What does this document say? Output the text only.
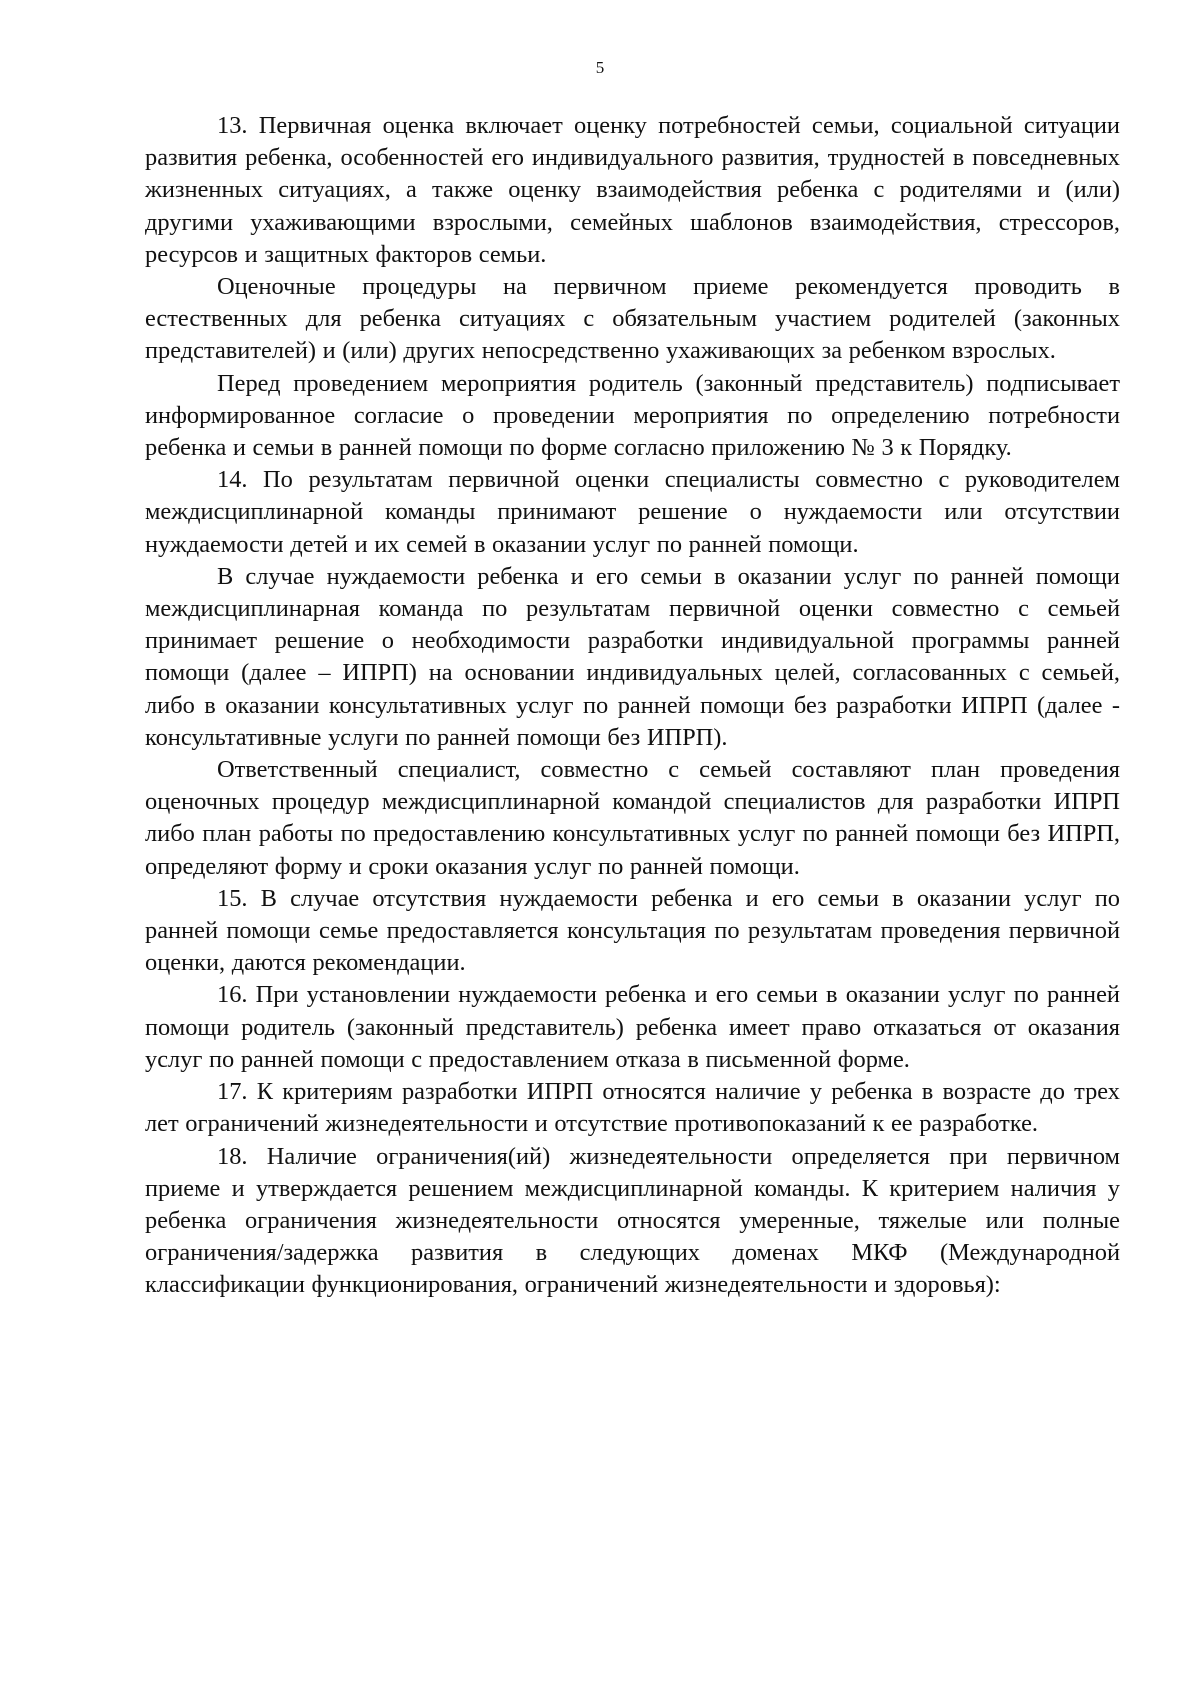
5

13. Первичная оценка включает оценку потребностей семьи, социальной ситуации развития ребенка, особенностей его индивидуального развития, трудностей в повседневных жизненных ситуациях, а также оценку взаимодействия ребенка с родителями и (или) другими ухаживающими взрослыми, семейных шаблонов взаимодействия, стрессоров, ресурсов и защитных факторов семьи.

Оценочные процедуры на первичном приеме рекомендуется проводить в естественных для ребенка ситуациях с обязательным участием родителей (законных представителей) и (или) других непосредственно ухаживающих за ребенком взрослых.

Перед проведением мероприятия родитель (законный представитель) подписывает информированное согласие о проведении мероприятия по определению потребности ребенка и семьи в ранней помощи по форме согласно приложению № 3 к Порядку.

14. По результатам первичной оценки специалисты совместно с руководителем междисциплинарной команды принимают решение о нуждаемости или отсутствии нуждаемости детей и их семей в оказании услуг по ранней помощи.

В случае нуждаемости ребенка и его семьи в оказании услуг по ранней помощи междисциплинарная команда по результатам первичной оценки совместно с семьей принимает решение о необходимости разработки индивидуальной программы ранней помощи (далее – ИПРП) на основании индивидуальных целей, согласованных с семьей, либо в оказании консультативных услуг по ранней помощи без разработки ИПРП (далее - консультативные услуги по ранней помощи без ИПРП).

Ответственный специалист, совместно с семьей составляют план проведения оценочных процедур междисциплинарной командой специалистов для разработки ИПРП либо план работы по предоставлению консультативных услуг по ранней помощи без ИПРП, определяют форму и сроки оказания услуг по ранней помощи.

15. В случае отсутствия нуждаемости ребенка и его семьи в оказании услуг по ранней помощи семье предоставляется консультация по результатам проведения первичной оценки, даются рекомендации.

16. При установлении нуждаемости ребенка и его семьи в оказании услуг по ранней помощи родитель (законный представитель) ребенка имеет право отказаться от оказания услуг по ранней помощи с предоставлением отказа в письменной форме.

17. К критериям разработки ИПРП относятся наличие у ребенка в возрасте до трех лет ограничений жизнедеятельности и отсутствие противопоказаний к ее разработке.

18. Наличие ограничения(ий) жизнедеятельности определяется при первичном приеме и утверждается решением междисциплинарной команды. К критерием наличия у ребенка ограничения жизнедеятельности относятся умеренные, тяжелые или полные ограничения/задержка развития в следующих доменах МКФ (Международной классификации функционирования, ограничений жизнедеятельности и здоровья):
